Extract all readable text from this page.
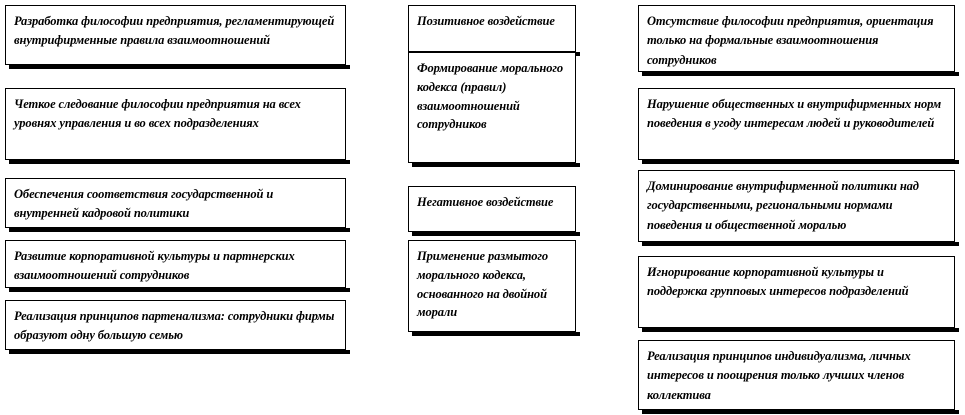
Разработка философии предприятия, регламентирующей внутрифирменные правила взаимоотношений
Четкое следование философии предприятия на всех уровнях управления и во всех подразделениях
Обеспечения соответствия государственной и внутренней кадровой политики
Развитие корпоративной культуры и партнерских взаимоотношений сотрудников
Реализация принципов партенализма: сотрудники фирмы образуют одну большую семью
Позитивное воздействие
Формирование морального кодекса (правил) взаимоотношений сотрудников
Негативное воздействие
Применение размытого морального кодекса, основанного на двойной морали
Отсутствие философии предприятия, ориентация только на формальные взаимоотношения сотрудников
Нарушение общественных и внутрифирменных норм поведения в угоду интересам людей и руководителей
Доминирование внутрифирменной политики над государственными, региональными нормами поведения и общественной моралью
Игнорирование корпоративной культуры и поддержка групповых интересов подразделений
Реализация принципов индивидуализма, личных интересов и поощрения только лучших членов коллектива
